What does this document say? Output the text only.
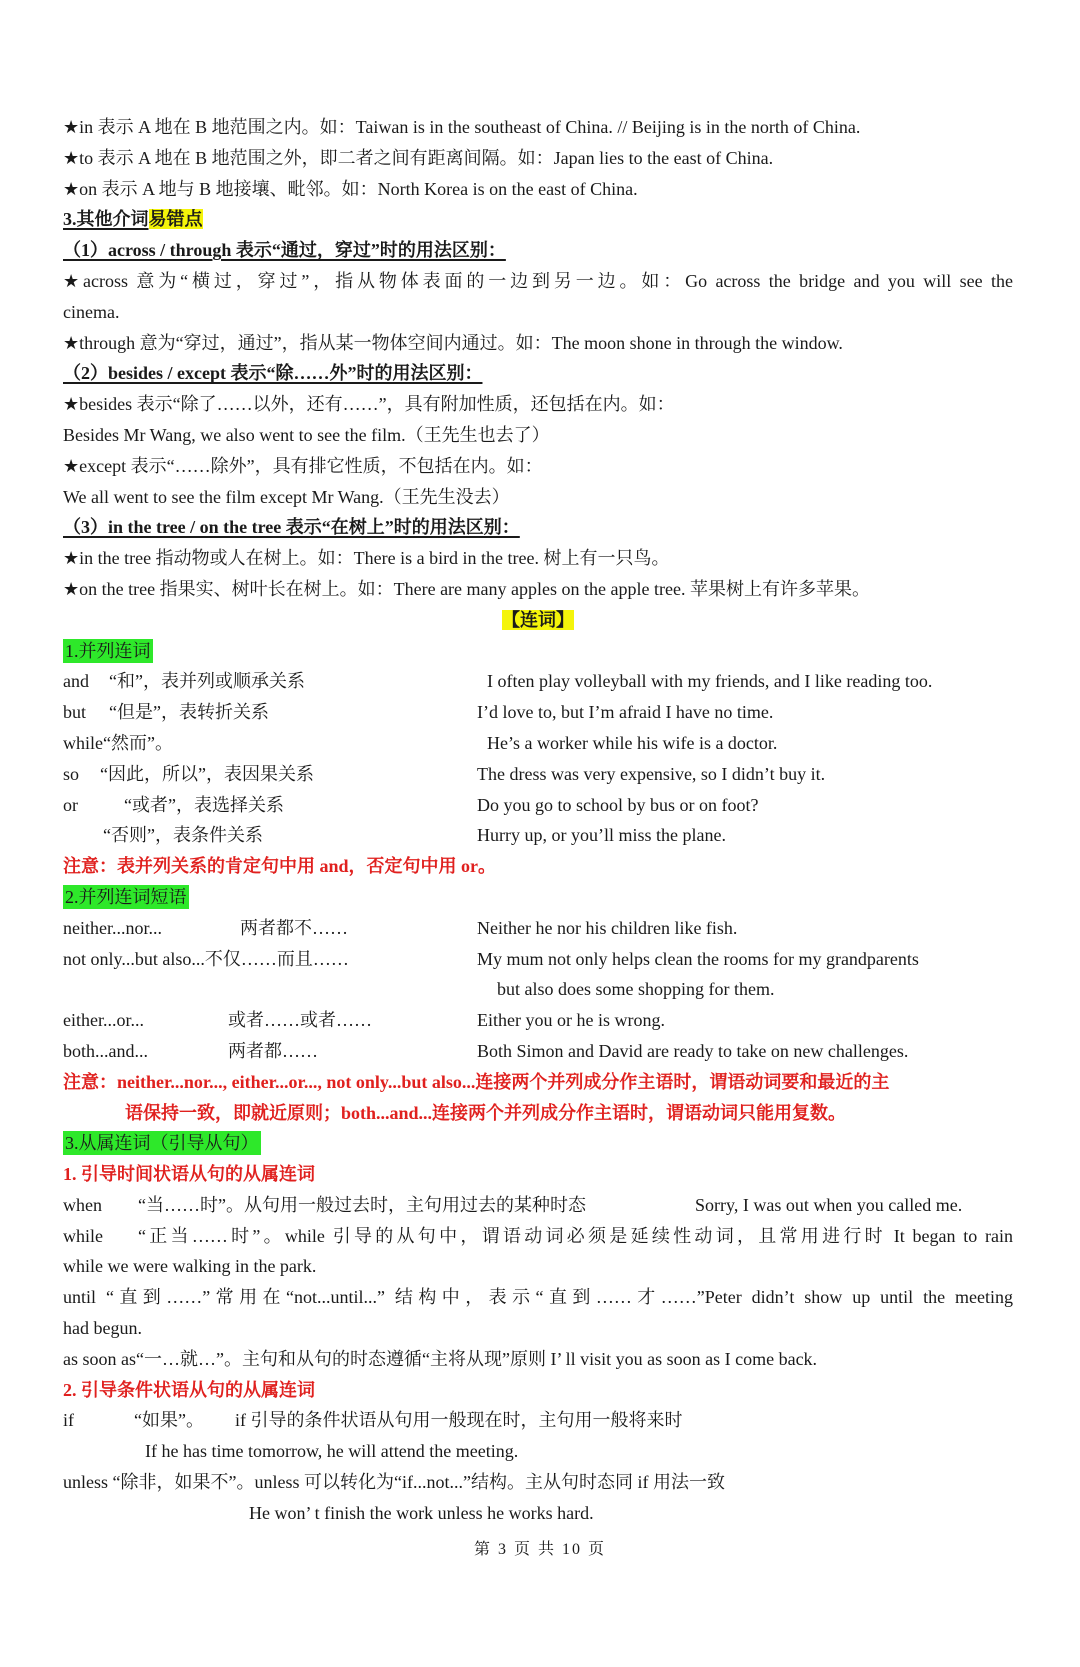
★in 表示 A 地在 B 地范围之内。如：Taiwan is in the southeast of China. // Beijing is in the north of China.
★to 表示 A 地在 B 地范围之外，即二者之间有距离间隔。如：Japan lies to the east of China.
★on 表示 A 地与 B 地接壤、毗邻。如：North Korea is on the east of China.
3.其他介词易错点
（1）across / through 表示“通过，穿过”时的用法区别：
★across 意为“横过，穿过”，指从物体表面的一边到另一边。如：Go across the bridge and you will see the
cinema.
★through 意为“穿过，通过”，指从某一物体空间内通过。如：The moon shone in through the window.
（2）besides / except 表示“除……外”时的用法区别：
★besides 表示“除了……以外，还有……”，具有附加性质，还包括在内。如：
Besides Mr Wang, we also went to see the film.（王先生也去了）
★except 表示“……除外”，具有排它性质，不包括在内。如：
We all went to see the film except Mr Wang.（王先生没去）
（3）in the tree / on the tree 表示“在树上”时的用法区别：
★in the tree 指动物或人在树上。如：There is a bird in the tree. 树上有一只鸟。
★on the tree 指果实、树叶长在树上。如：There are many apples on the apple tree. 苹果树上有许多苹果。
【连词】
1.并列连词
and “和”，表并列或顺承关系	I often play volleyball with my friends, and I like reading too.
but “但是”，表转折关系	I’d love to, but I’m afraid I have no time.
while“然而”。	He’s a worker while his wife is a doctor.
so “因此，所以”，表因果关系	The dress was very expensive, so I didn’t buy it.
or	“或者”，表选择关系	Do you go to school by bus or on foot?
“否则”，表条件关系	Hurry up, or you’ll miss the plane.
注意：表并列关系的肯定句中用 and，否定句中用 or。
2.并列连词短语
neither...nor...	两者都不……	Neither he nor his children like fish.
not only...but also...不仅……而且……	My mum not only helps clean the rooms for my grandparents
but also does some shopping for them.
either...or...	或者……或者……	Either you or he is wrong.
both...and...	两者都……	Both Simon and David are ready to take on new challenges.
注意：neither...nor..., either...or..., not only...but also...连接两个并列成分作主语时，谓语动词要和最近的主
语保持一致，即就近原则；both...and...连接两个并列成分作主语时，谓语动词只能用复数。
3.从属连词（引导从句）
1. 引导时间状语从句的从属连词
when “当……时”。从句用一般过去时，主句用过去的某种时态	Sorry, I was out when you called me.
while “正当……时”。while 引导的从句中，谓语动词必须是延续性动词，且常用进行时 It began to rain
while we were walking in the park.
until “直到……”常用在“not...until...” 结构中，表示“直到……才……”Peter didn’t show up until the meeting
had begun.
as soon as“一…就…”。主句和从句的时态遵循“主将从现”原则 I’ ll visit you as soon as I come back.
2. 引导条件状语从句的从属连词
if	“如果”。 if 引导的条件状语从句用一般现在时，主句用一般将来时
If he has time tomorrow, he will attend the meeting.
unless “除非，如果不”。unless 可以转化为“if...not...”结构。主从句时态同 if 用法一致
He won’ t finish the work unless he works hard.
第 3 页 共 10 页
